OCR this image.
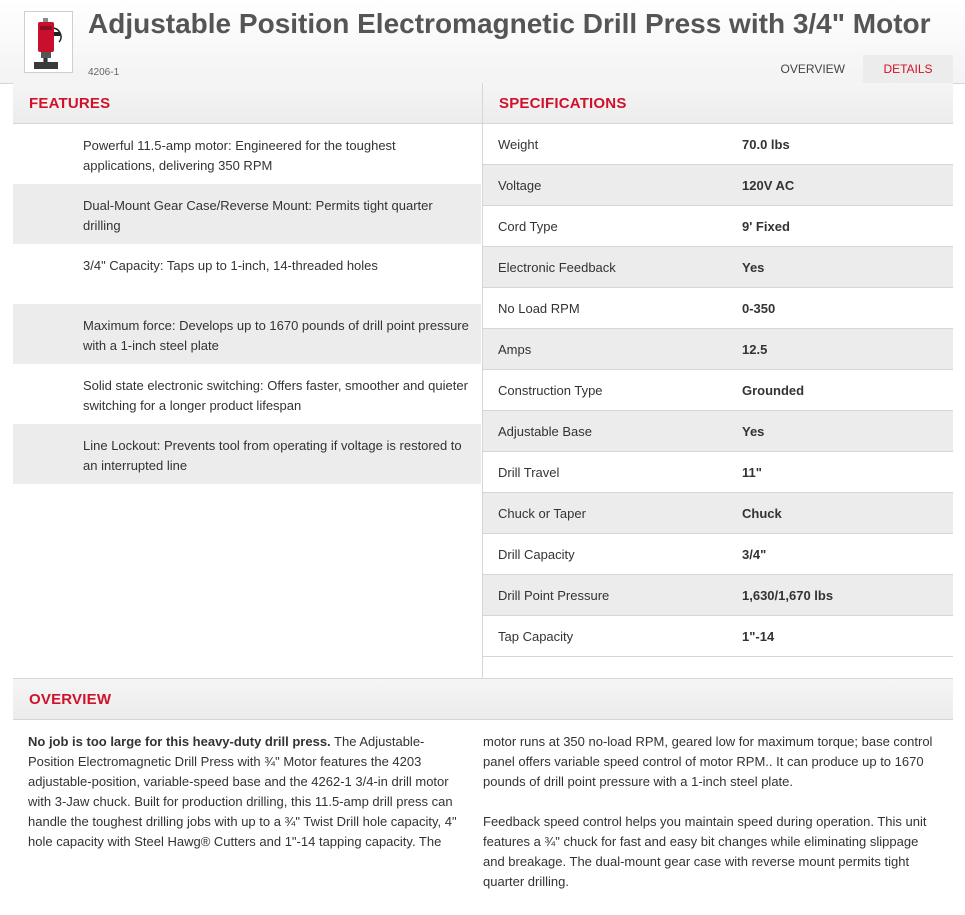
Adjustable Position Electromagnetic Drill Press with 3/4" Motor
4206-1	OVERVIEW	DETAILS
FEATURES	SPECIFICATIONS
Powerful 11.5-amp motor: Engineered for the toughest applications, delivering 350 RPM
Dual-Mount Gear Case/Reverse Mount: Permits tight quarter drilling
3/4" Capacity: Taps up to 1-inch, 14-threaded holes
Maximum force: Develops up to 1670 pounds of drill point pressure with a 1-inch steel plate
Solid state electronic switching: Offers faster, smoother and quieter switching for a longer product lifespan
Line Lockout: Prevents tool from operating if voltage is restored to an interrupted line
Weight	70.0 lbs
Voltage	120V AC
Cord Type	9' Fixed
Electronic Feedback	Yes
No Load RPM	0-350
Amps	12.5
Construction Type	Grounded
Adjustable Base	Yes
Drill Travel	11"
Chuck or Taper	Chuck
Drill Capacity	3/4"
Drill Point Pressure	1,630/1,670 lbs
Tap Capacity	1"-14
OVERVIEW

No job is too large for this heavy-duty drill press. The Adjustable-Position Electromagnetic Drill Press with ¾" Motor features the 4203 adjustable-position, variable-speed base and the 4262-1 3/4-in drill motor with 3-Jaw chuck. Built for production drilling, this 11.5-amp drill press can handle the toughest drilling jobs with up to a ¾" Twist Drill hole capacity, 4" hole capacity with Steel Hawg® Cutters and 1"-14 tapping capacity. The

motor runs at 350 no-load RPM, geared low for maximum torque; base control panel offers variable speed control of motor RPM.. It can produce up to 1670 pounds of drill point pressure with a 1-inch steel plate.

Feedback speed control helps you maintain speed during operation. This unit features a ¾" chuck for fast and easy bit changes while eliminating slippage and breakage. The dual-mount gear case with reverse mount permits tight quarter drilling.
